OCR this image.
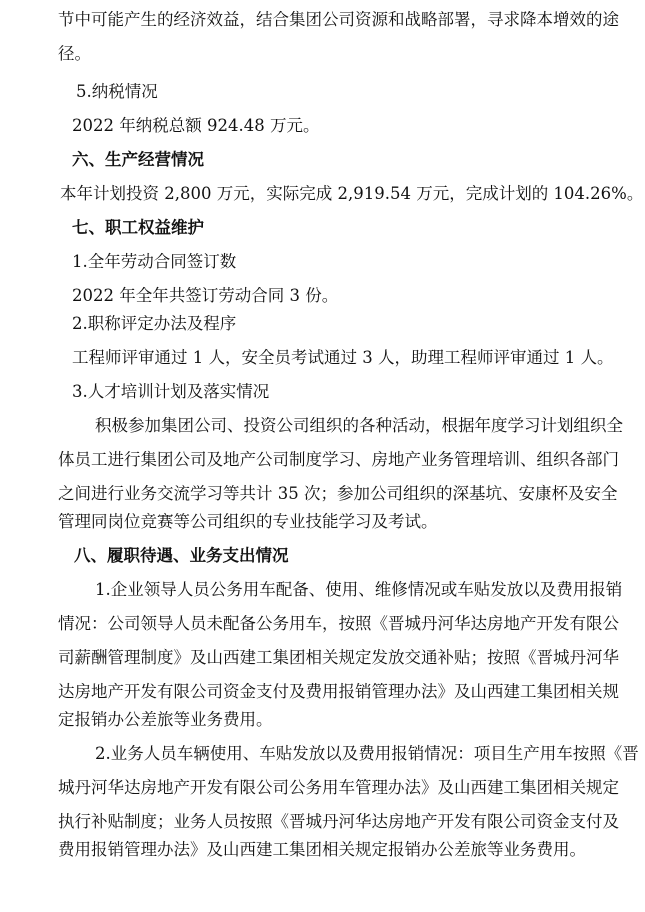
节中可能产生的经济效益，结合集团公司资源和战略部署，寻求降本增效的途
径。
5.纳税情况
2022 年纳税总额 924.48 万元。
六、生产经营情况
本年计划投资 2,800 万元，实际完成 2,919.54 万元，完成计划的 104.26%。
七、职工权益维护
1.全年劳动合同签订数
2022 年全年共签订劳动合同 3 份。
2.职称评定办法及程序
工程师评审通过 1 人，安全员考试通过 3 人，助理工程师评审通过 1 人。
3.人才培训计划及落实情况
积极参加集团公司、投资公司组织的各种活动，根据年度学习计划组织全
体员工进行集团公司及地产公司制度学习、房地产业务管理培训、组织各部门
之间进行业务交流学习等共计 35 次；参加公司组织的深基坑、安康杯及安全
管理同岗位竞赛等公司组织的专业技能学习及考试。
八、履职待遇、业务支出情况
1.企业领导人员公务用车配备、使用、维修情况或车贴发放以及费用报销
情况：公司领导人员未配备公务用车，按照《晋城丹河华达房地产开发有限公
司薪酬管理制度》及山西建工集团相关规定发放交通补贴；按照《晋城丹河华
达房地产开发有限公司资金支付及费用报销管理办法》及山西建工集团相关规
定报销办公差旅等业务费用。
2.业务人员车辆使用、车贴发放以及费用报销情况：项目生产用车按照《晋
城丹河华达房地产开发有限公司公务用车管理办法》及山西建工集团相关规定
执行补贴制度；业务人员按照《晋城丹河华达房地产开发有限公司资金支付及
费用报销管理办法》及山西建工集团相关规定报销办公差旅等业务费用。
